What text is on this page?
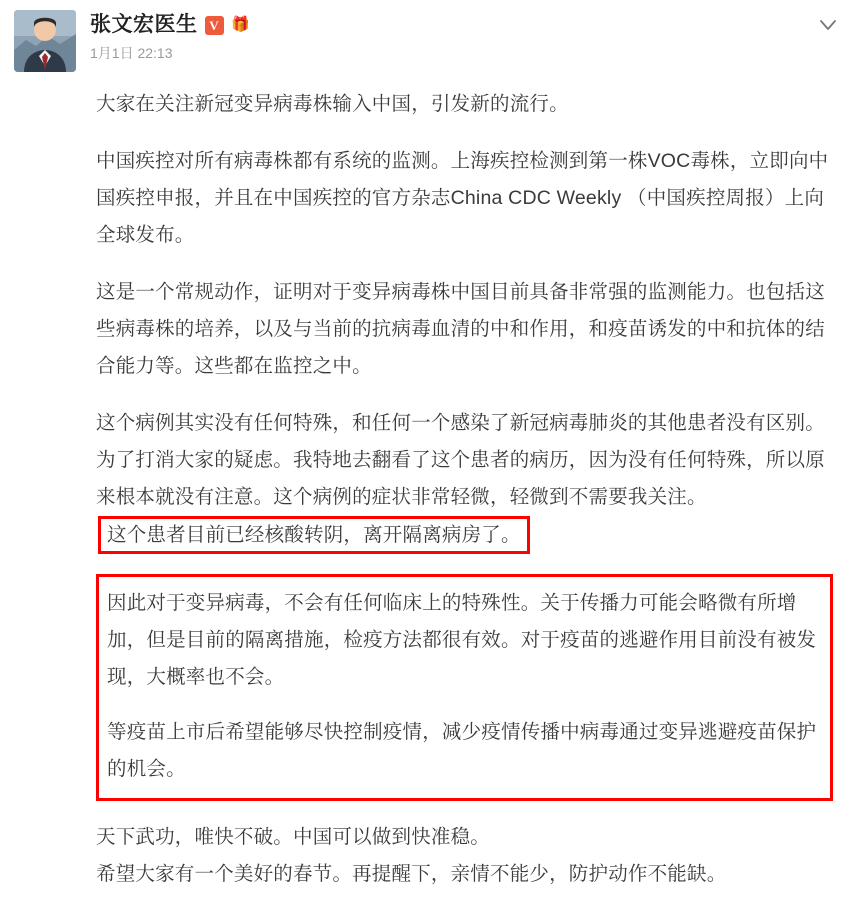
张文宏医生 V 🎁
1月1日 22:13

大家在关注新冠变异病毒株输入中国，引发新的流行。

中国疾控对所有病毒株都有系统的监测。上海疾控检测到第一株VOC毒株，立即向中国疾控申报，并且在中国疾控的官方杂志China CDC Weekly （中国疾控周报）上向全球发布。

这是一个常规动作，证明对于变异病毒株中国目前具备非常强的监测能力。也包括这些病毒株的培养，以及与当前的抗病毒血清的中和作用，和疫苗诱发的中和抗体的结合能力等。这些都在监控之中。

这个病例其实没有任何特殊，和任何一个感染了新冠病毒肺炎的其他患者没有区别。为了打消大家的疑虑。我特地去翻看了这个患者的病历，因为没有任何特殊，所以原来根本就没有注意。这个病例的症状非常轻微，轻微到不需要我关注。这个患者目前已经核酸转阴，离开隔离病房了。

因此对于变异病毒，不会有任何临床上的特殊性。关于传播力可能会略微有所增加，但是目前的隔离措施，检疫方法都很有效。对于疫苗的逃避作用目前没有被发现，大概率也不会。

等疫苗上市后希望能够尽快控制疫情，减少疫情传播中病毒通过变异逃避疫苗保护的机会。

天下武功，唯快不破。中国可以做到快准稳。

希望大家有一个美好的春节。再提醒下，亲情不能少，防护动作不能缺。
